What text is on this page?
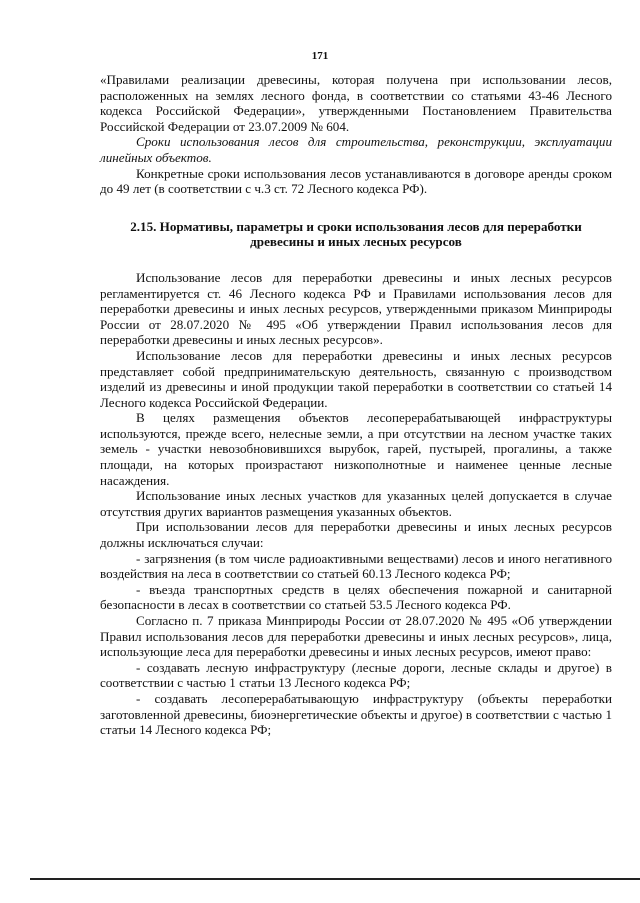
171

«Правилами реализации древесины, которая получена при использовании лесов, расположенных на землях лесного фонда, в соответствии со статьями 43-46 Лесного кодекса Российской Федерации», утвержденными Постановлением Правительства Российской Федерации от 23.07.2009 № 604.

Сроки использования лесов для строительства, реконструкции, эксплуатации линейных объектов.

Конкретные сроки использования лесов устанавливаются в договоре аренды сроком до 49 лет (в соответствии с ч.3 ст. 72 Лесного кодекса РФ).

2.15. Нормативы, параметры и сроки использования лесов для переработки древесины и иных лесных ресурсов

Использование лесов для переработки древесины и иных лесных ресурсов регламентируется ст. 46 Лесного кодекса РФ и Правилами использования лесов для переработки древесины и иных лесных ресурсов, утвержденными приказом Минприроды России от 28.07.2020 № 495 «Об утверждении Правил использования лесов для переработки древесины и иных лесных ресурсов».

Использование лесов для переработки древесины и иных лесных ресурсов представляет собой предпринимательскую деятельность, связанную с производством изделий из древесины и иной продукции такой переработки в соответствии со статьей 14 Лесного кодекса Российской Федерации.

В целях размещения объектов лесоперерабатывающей инфраструктуры используются, прежде всего, нелесные земли, а при отсутствии на лесном участке таких земель - участки невозобновившихся вырубок, гарей, пустырей, прогалины, а также площади, на которых произрастают низкополнотные и наименее ценные лесные насаждения.

Использование иных лесных участков для указанных целей допускается в случае отсутствия других вариантов размещения указанных объектов.

При использовании лесов для переработки древесины и иных лесных ресурсов должны исключаться случаи:

- загрязнения (в том числе радиоактивными веществами) лесов и иного негативного воздействия на леса в соответствии со статьей 60.13 Лесного кодекса РФ;

- въезда транспортных средств в целях обеспечения пожарной и санитарной безопасности в лесах в соответствии со статьей 53.5 Лесного кодекса РФ.

Согласно п. 7 приказа Минприроды России от 28.07.2020 № 495 «Об утверждении Правил использования лесов для переработки древесины и иных лесных ресурсов», лица, использующие леса для переработки древесины и иных лесных ресурсов, имеют право:

- создавать лесную инфраструктуру (лесные дороги, лесные склады и другое) в соответствии с частью 1 статьи 13 Лесного кодекса РФ;

- создавать лесоперерабатывающую инфраструктуру (объекты переработки заготовленной древесины, биоэнергетические объекты и другое) в соответствии с частью 1 статьи 14 Лесного кодекса РФ;
